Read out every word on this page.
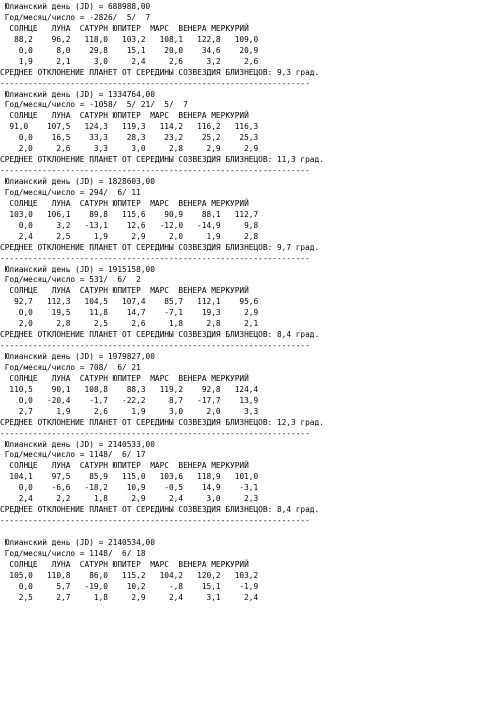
Юлианский день (JD) = 688988,00
Год/месяц/число = -2826/  5/  7
СОЛНЦЕ   ЛУНА  САТУРН ЮПИТЕР  МАРС  ВЕНЕРА МЕРКУРИЙ
88,2    96,2   118,0   103,2   108,1   122,8   109,0
0,0     8,0    29,8    15,1    20,0    34,6    20,9
1,9     2,1     3,0     2,4     2,6     3,2     2,6
СРЕДНЕЕ ОТКЛОНЕНИЕ ПЛАНЕТ ОТ СЕРЕДИНЫ СОЗВЕЗДИЯ БЛИЗНЕЦОВ: 9,3 град.
------------------------------------------------------------------
Юлианский день (JD) = 1334764,00
Год/месяц/число = -1058/  5/ 21/  5/  7
СОЛНЦЕ   ЛУНА  САТУРН ЮПИТЕР  МАРС  ВЕНЕРА МЕРКУРИЙ
91,0    107,5   124,3   119,3   114,2   116,2   116,3
0,0    16,5    33,3    28,3    23,2    25,2    25,3
2,0     2,6     3,3     3,0     2,8     2,9     2,9
СРЕДНЕЕ ОТКЛОНЕНИЕ ПЛАНЕТ ОТ СЕРЕДИНЫ СОЗВЕЗДИЯ БЛИЗНЕЦОВ: 11,3 град.
------------------------------------------------------------------
Юлианский день (JD) = 1828603,00
Год/месяц/число = 294/  6/ 11
СОЛНЦЕ   ЛУНА  САТУРН ЮПИТЕР  МАРС  ВЕНЕРА МЕРКУРИЙ
103,0   106,1    89,8   115,6    90,9    88,1   112,7
0,0     3,2   -13,1    12,6   -12,0   -14,9     9,8
2,4     2,5     1,9     2,9     2,0     1,9     2,8
СРЕДНЕЕ ОТКЛОНЕНИЕ ПЛАНЕТ ОТ СЕРЕДИНЫ СОЗВЕЗДИЯ БЛИЗНЕЦОВ: 9,7 град.
------------------------------------------------------------------
Юлианский день (JD) = 1915158,00
Год/месяц/число = 531/  6/  2
СОЛНЦЕ   ЛУНА  САТУРН ЮПИТЕР  МАРС  ВЕНЕРА МЕРКУРИЙ
92,7   112,3   104,5   107,4    85,7   112,1    95,6
0,0    19,5    11,8    14,7    -7,1    19,3     2,9
2,0     2,8     2,5     2,6     1,8     2,8     2,1
СРЕДНЕЕ ОТКЛОНЕНИЕ ПЛАНЕТ ОТ СЕРЕДИНЫ СОЗВЕЗДИЯ БЛИЗНЕЦОВ: 8,4 град.
------------------------------------------------------------------
Юлианский день (JD) = 1979827,00
Год/месяц/число = 708/  6/ 21
СОЛНЦЕ   ЛУНА  САТУРН ЮПИТЕР  МАРС  ВЕНЕРА МЕРКУРИЙ
110,5    90,1   108,8    88,3   119,2    92,8   124,4
0,0   -20,4    -1,7   -22,2     8,7   -17,7    13,9
2,7     1,9     2,6     1,9     3,0     2,0     3,3
СРЕДНЕЕ ОТКЛОНЕНИЕ ПЛАНЕТ ОТ СЕРЕДИНЫ СОЗВЕЗДИЯ БЛИЗНЕЦОВ: 12,3 град.
------------------------------------------------------------------
Юлианский день (JD) = 2140533,00
Год/месяц/число = 1148/  6/ 17
СОЛНЦЕ   ЛУНА  САТУРН ЮПИТЕР  МАРС  ВЕНЕРА МЕРКУРИЙ
104,1    97,5    85,9   115,0   103,6   118,9   101,0
0,0    -6,6   -18,2    10,9    -0,5    14,9    -3,1
2,4     2,2     1,8     2,9     2,4     3,0     2,3
СРЕДНЕЕ ОТКЛОНЕНИЕ ПЛАНЕТ ОТ СЕРЕДИНЫ СОЗВЕЗДИЯ БЛИЗНЕЦОВ: 8,4 град.
------------------------------------------------------------------
Юлианский день (JD) = 2140534,00
Год/месяц/число = 1148/  6/ 18
СОЛНЦЕ   ЛУНА  САТУРН ЮПИТЕР  МАРС  ВЕНЕРА МЕРКУРИЙ
105,0   110,8    86,0   115,2   104,2   120,2   103,2
0,0     5,7   -19,0    10,2     -,8    15,1    -1,9
2,5     2,7     1,8     2,9     2,4     3,1     2,4
